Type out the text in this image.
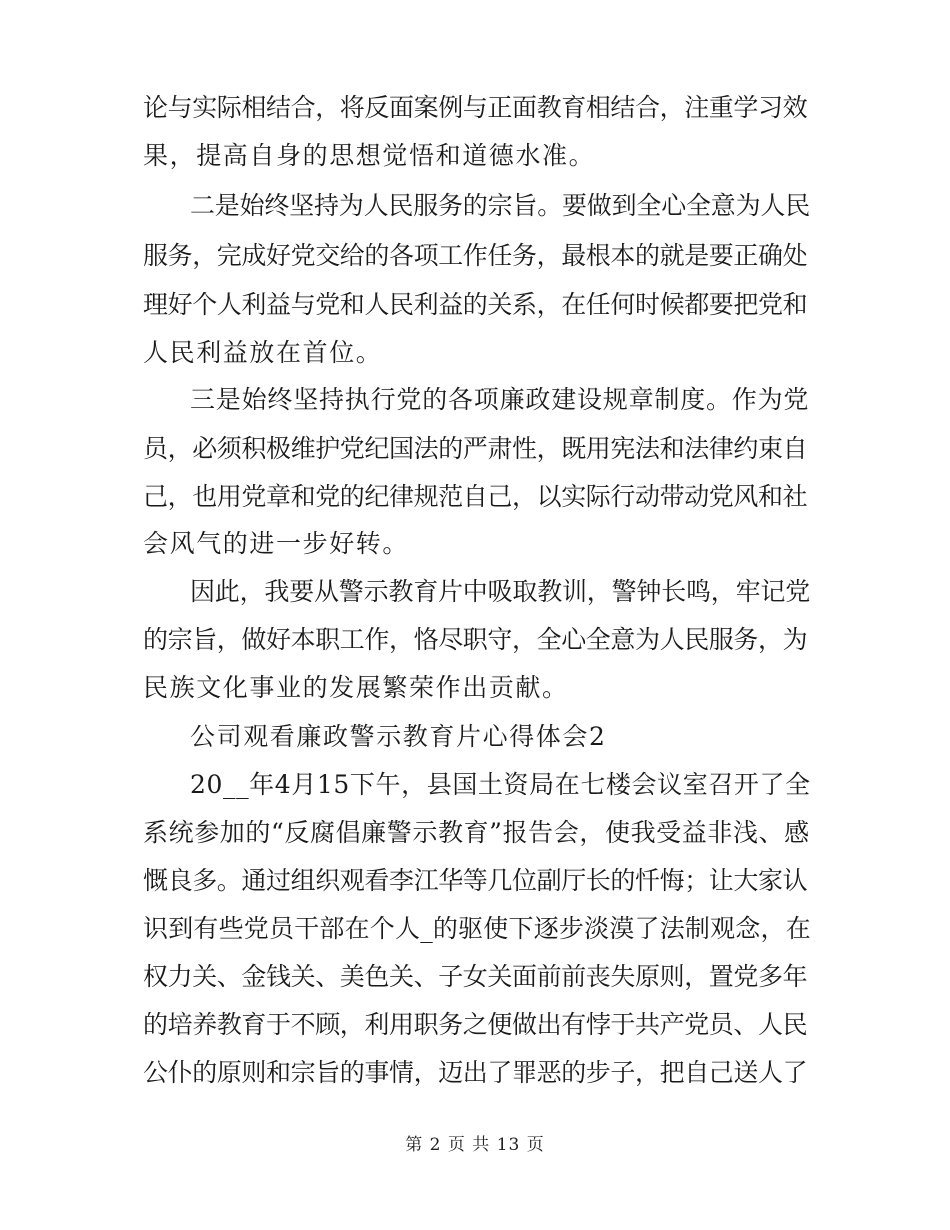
论与实际相结合，将反面案例与正面教育相结合，注重学习效
果，提高自身的思想觉悟和道德水准。
二是始终坚持为人民服务的宗旨。要做到全心全意为人民
服务，完成好党交给的各项工作任务，最根本的就是要正确处
理好个人利益与党和人民利益的关系，在任何时候都要把党和
人民利益放在首位。
三是始终坚持执行党的各项廉政建设规章制度。作为党
员，必须积极维护党纪国法的严肃性，既用宪法和法律约束自
己，也用党章和党的纪律规范自己，以实际行动带动党风和社
会风气的进一步好转。
因此，我要从警示教育片中吸取教训，警钟长鸣，牢记党
的宗旨，做好本职工作，恪尽职守，全心全意为人民服务，为
民族文化事业的发展繁荣作出贡献。
公司观看廉政警示教育片心得体会2
20__年4月15下午，县国土资局在七楼会议室召开了全
系统参加的“反腐倡廉警示教育”报告会，使我受益非浅、感
慨良多。通过组织观看李江华等几位副厅长的忏悔；让大家认
识到有些党员干部在个人_的驱使下逐步淡漠了法制观念，在
权力关、金钱关、美色关、子女关面前前丧失原则，置党多年
的培养教育于不顾，利用职务之便做出有悖于共产党员、人民
公仆的原则和宗旨的事情，迈出了罪恶的步子，把自己送人了
第 2 页 共 13 页
